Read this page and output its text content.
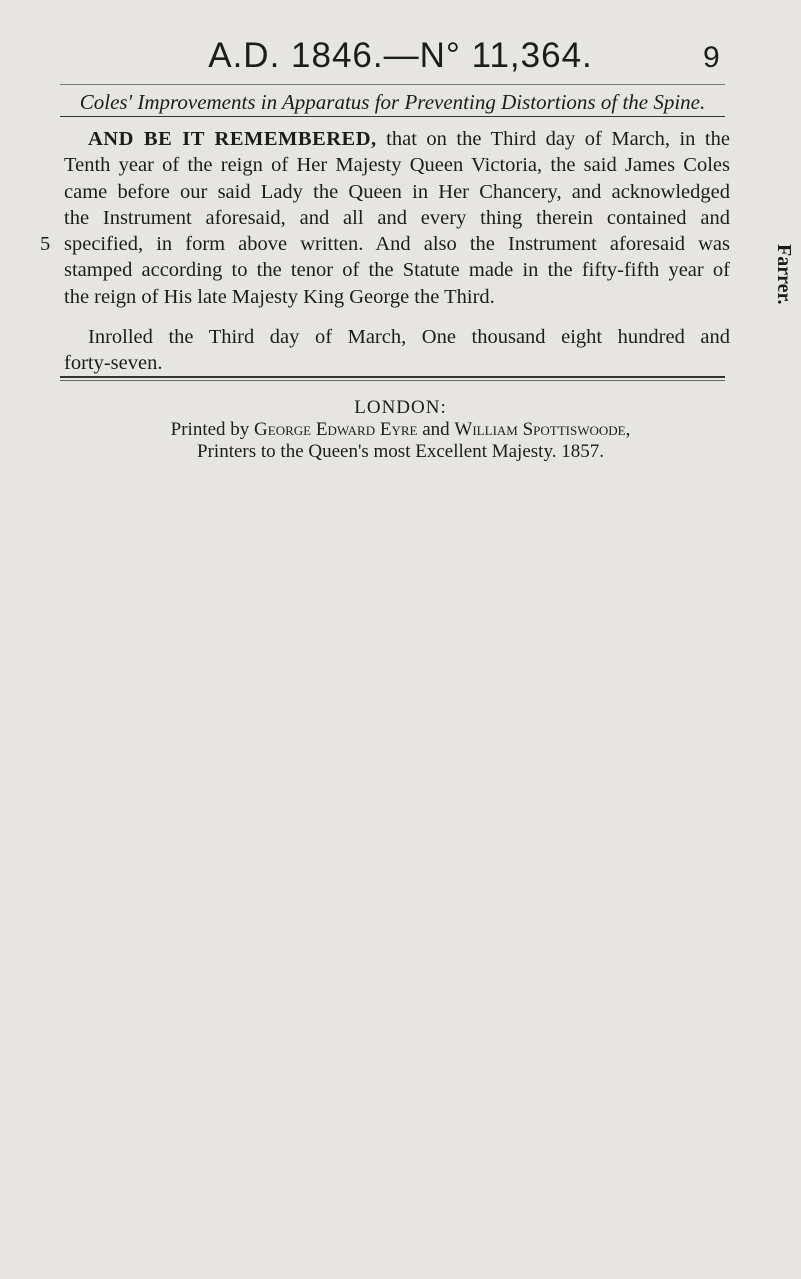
A.D. 1846.—N° 11,364.	9
Coles' Improvements in Apparatus for Preventing Distortions of the Spine.
AND BE IT REMEMBERED, that on the Third day of March, in the
Tenth year of the reign of Her Majesty Queen Victoria, the said James Coles
came before our said Lady the Queen in Her Chancery, and acknowledged
the Instrument aforesaid, and all and every thing therein contained and
5 specified, in form above written. And also the Instrument aforesaid was
stamped according to the tenor of the Statute made in the fifty-fifth year of
the reign of His late Majesty King George the Third.
Inrolled the Third day of March, One thousand eight hundred and
forty-seven.
LONDON:
Printed by George Edward Eyre and William Spottiswoode,
Printers to the Queen's most Excellent Majesty. 1857.
Farrer.
